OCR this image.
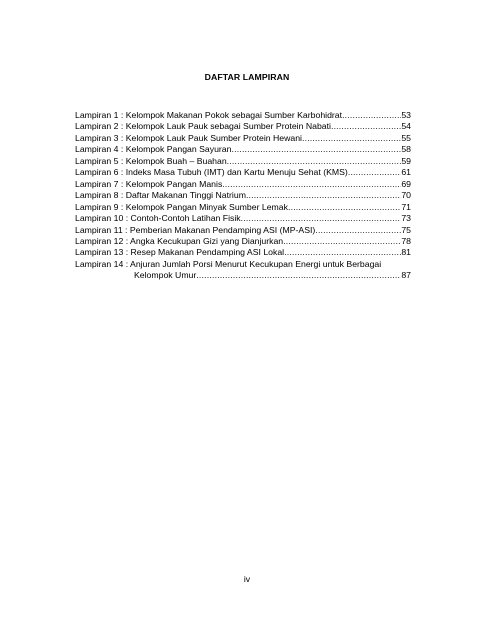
DAFTAR LAMPIRAN
Lampiran 1 : Kelompok Makanan Pokok sebagai Sumber Karbohidrat .....	53
Lampiran 2 : Kelompok Lauk Pauk sebagai Sumber Protein Nabati .....	54
Lampiran 3 : Kelompok Lauk Pauk Sumber Protein Hewani .....	55
Lampiran 4 : Kelompok Pangan Sayuran .....	58
Lampiran 5 : Kelompok Buah – Buahan .....	59
Lampiran 6 : Indeks Masa Tubuh (IMT) dan Kartu Menuju Sehat (KMS) .....	61
Lampiran 7 : Kelompok Pangan Manis .....	69
Lampiran 8 : Daftar Makanan Tinggi Natrium .....	70
Lampiran 9 : Kelompok Pangan Minyak Sumber Lemak .....	71
Lampiran 10 : Contoh-Contoh Latihan Fisik .....	73
Lampiran 11 : Pemberian Makanan Pendamping ASI (MP-ASI) .....	75
Lampiran 12 : Angka Kecukupan Gizi yang Dianjurkan .....	78
Lampiran 13 : Resep Makanan Pendamping ASI Lokal .....	81
Lampiran 14 : Anjuran Jumlah Porsi Menurut Kecukupan Energi untuk Berbagai
Kelompok Umur .....	87
iv
